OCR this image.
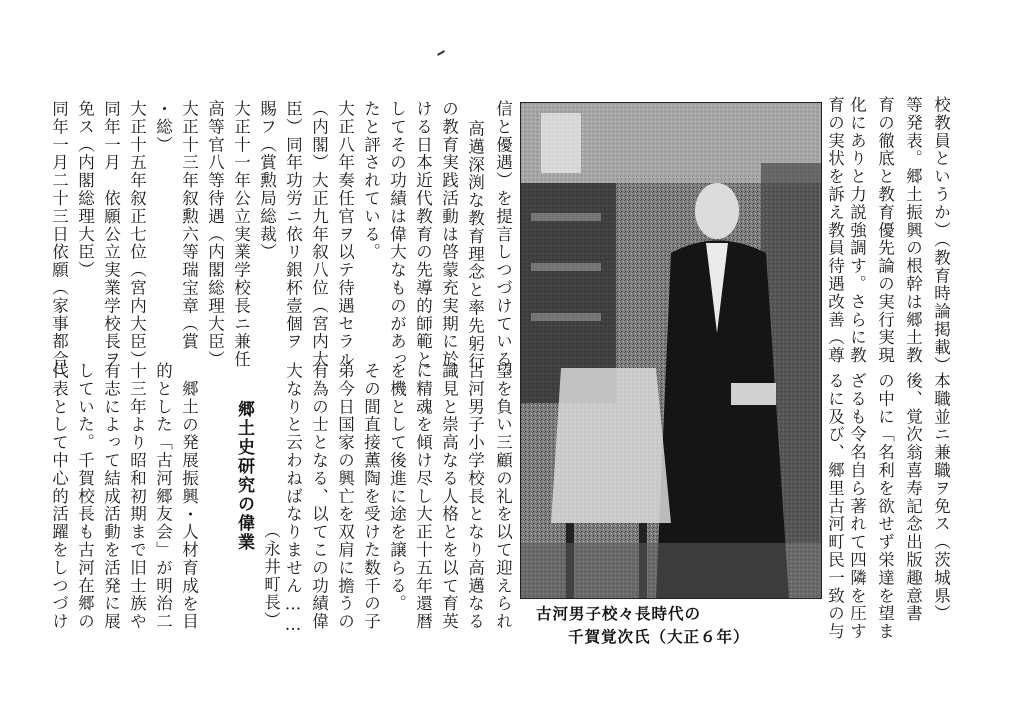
校教員というか）（教育時論掲載）
等発表。郷土振興の根幹は郷土教
育の徹底と教育優先論の実行実現
化にありと力説強調す。さらに教
育の実状を訴え教員待遇改善（尊
本職並ニ兼職ヲ免ス（茨城県）
後、覚次翁喜寿記念出版趣意書
の中に「名利を欲せず栄達を望ま
ざるも令名自ら著れて四隣を圧す
るに及び、郷里古河町民一致の与
古河男子校々長時代の
千賀覚次氏（大正６年）
信と優遇）を提言しつづけている。
高邁深渕な教育理念と率先躬行
の教育実践活動は啓蒙充実期に於
ける日本近代教育の先導的師範と
してその功績は偉大なものがあっ
たと評されている。
大正八年奏任官ヲ以テ待遇セラル
（内閣）大正九年叙八位（宮内大
臣）同年功労ニ依リ銀杯壹個ヲ
賜フ（賞勲局総裁）
大正十一年公立実業学校長ニ兼任
高等官八等待遇（内閣総理大臣）
大正十三年叙勲六等瑞宝章（賞
・総）
大正十五年叙正七位（宮内大臣）
同年一月　依願公立実業学校長ヲ
免ス（内閣総理大臣）
同年一月二十三日依願（家事都合）
望を負い三顧の礼を以て迎えられ
古河男子小学校長となり高邁なる
識見と崇高なる人格とを以て育英
に精魂を傾け尽し大正十五年還暦
を機として後進に途を譲らる。
その間直接薫陶を受けた数千の子
弟今日国家の興亡を双肩に擔うの
有為の士となる、以てこの功績偉
大なりと云わねばなりません……
（永井町長）
郷土史研究の偉業
郷土の発展振興・人材育成を目
的とした「古河郷友会」が明治二
十三年より昭和初期まで旧士族や
有志によって結成活動を活発に展
していた。千賀校長も古河在郷の
代表として中心的活躍をしつづけ
